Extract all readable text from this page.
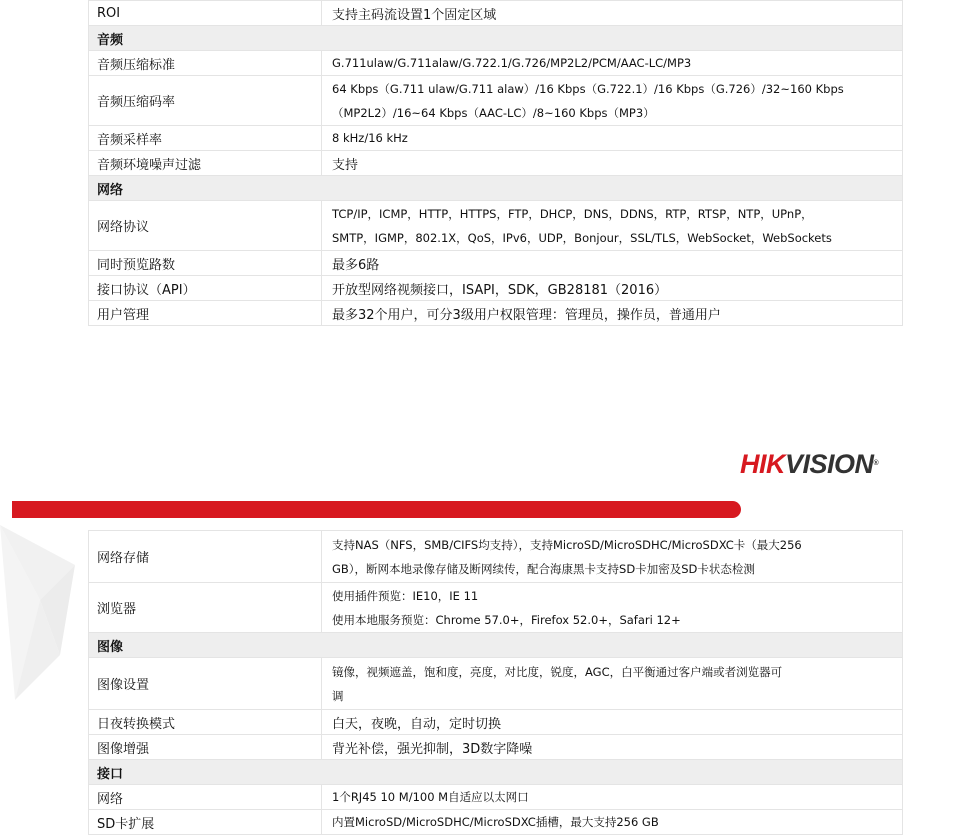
ROI	支持主码流设置1个固定区域
音频	
音频压缩标准	G.711ulaw/G.711alaw/G.722.1/G.726/MP2L2/PCM/AAC-LC/MP3
音频压缩码率	64 Kbps（G.711 ulaw/G.711 alaw）/16 Kbps（G.722.1）/16 Kbps（G.726）/32~160 Kbps
（MP2L2）/16~64 Kbps（AAC-LC）/8~160 Kbps（MP3）

音频采样率	8 kHz/16 kHz
音频环境噪声过滤	支持
网络	
网络协议	TCP/IP，ICMP，HTTP，HTTPS，FTP，DHCP，DNS，DDNS，RTP，RTSP，NTP，UPnP，
SMTP，IGMP，802.1X，QoS，IPv6，UDP，Bonjour，SSL/TLS，WebSocket，WebSockets

同时预览路数	最多6路
接口协议（API）	开放型网络视频接口，ISAPI，SDK，GB28181（2016）
用户管理	最多32个用户，可分3级用户权限管理：管理员，操作员，普通用户
HIKVISION®
网络存储	支持NAS（NFS，SMB/CIFS均支持），支持MicroSD/MicroSDHC/MicroSDXC卡（最大256
GB），断网本地录像存储及断网续传，配合海康黑卡支持SD卡加密及SD卡状态检测

浏览器	使用插件预览：IE10，IE 11
使用本地服务预览：Chrome 57.0+，Firefox 52.0+，Safari 12+

图像	
图像设置	镜像，视频遮盖，饱和度，亮度，对比度，锐度，AGC，白平衡通过客户端或者浏览器可
调

日夜转换模式	白天，夜晚，自动，定时切换
图像增强	背光补偿，强光抑制，3D数字降噪
接口	
网络	1个RJ45 10 M/100 M自适应以太网口
SD卡扩展	内置MicroSD/MicroSDHC/MicroSDXC插槽，最大支持256 GB
